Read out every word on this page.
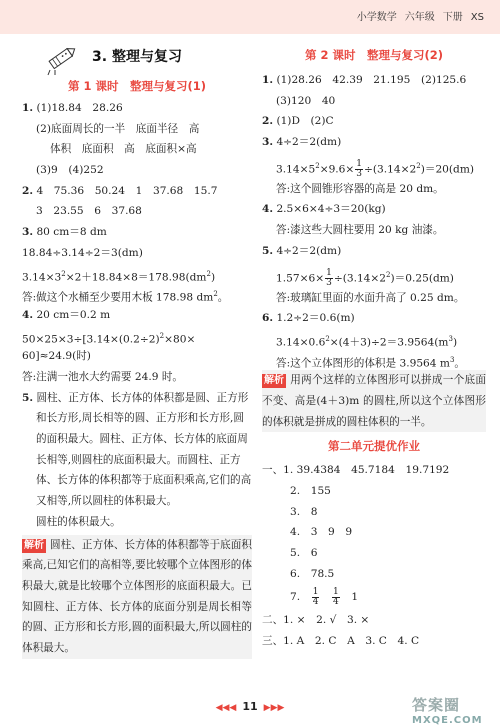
小学数学 六年级 下册 XS
3. 整理与复习
第 1 课时　整理与复习(1)
1. (1)18.84　28.26
(2)底面周长的一半　底面半径　高
体积　底面积　高　底面积×高
(3)9　(4)252
2. 4　75.36　50.24　1　37.68　15.7
3　23.55　6　37.68
3. 80 cm＝8 dm
18.84÷3.14÷2＝3(dm)
$3.14\times 3^2\times 2+18.84\times 8=178.98(dm^2)$
答:做这个水桶至少要用木板 178.98 $dm^2$。
4. 20 cm＝0.2 m
$50\times 25\times 3\div[3.14\times(0.2\div 2)^2\times 80\times$
60]≈24.9(时)
答:注满一池水大约需要 24.9 时。
5. 圆柱、正方体、长方体的体积都是圆、正方形和长方形,周长相等的圆、正方形和长方形,圆的面积最大。圆柱、正方体、长方体的底面周长相等,则圆柱的底面积最大。而圆柱、正方体、长方体的体积都等于底面积乘高,它们的高又相等,所以圆柱的体积最大。
圆柱的体积最大。
解析 圆柱、正方体、长方体的体积都等于底面积乘高,已知它们的高相等,要比较哪个立体图形的体积最大,就是比较哪个立体图形的底面积最大。已知圆柱、正方体、长方体的底面分别是周长相等的圆、正方形和长方形,圆的面积最大,所以圆柱的体积最大。
第 2 课时　整理与复习(2)
1. (1)28.26　42.39　21.195　(2)125.6
(3)120　40
2. (1)D　(2)C
3. 4÷2＝2(dm)
$3.14\times 5^2\times 9.6\times \frac{1}{3} \div(3.14\times 2^2)=20(dm)$
答:这个圆锥形容器的高是 20 dm。
4. 2.5×6×4÷3＝20(kg)
答:漆这些大圆柱要用 20 kg 油漆。
5. 4÷2＝2(dm)
$1.57\times 6\times \frac{1}{3} \div(3.14\times 2^2)=0.25(dm)$
答:玻璃缸里面的水面升高了 0.25 dm。
6. 1.2÷2＝0.6(m)
$3.14\times 0.6^2\times(4+3)\div 2=3.9564(m^3)$
答:这个立体图形的体积是 3.9564 $m^3$。
解析 用两个这样的立体图形可以拼成一个底面不变、高是(4＋3)m 的圆柱,所以这个立体图形的体积就是拼成的圆柱体积的一半。
第二单元提优作业
一、1. 39.4384　45.7184　19.7192
2.　155
3.　8
4.　3　9　9
5.　6
6.　78.5
7.　 $\frac{1}{4}$
　 $\frac{1}{4}$
　 1
二、1. ×　2. √　3. ×
三、1. A　2. C　A　3. C　4. C
◀◀◀ 11 ▶▶▶	答案圈
MXQE.COM
